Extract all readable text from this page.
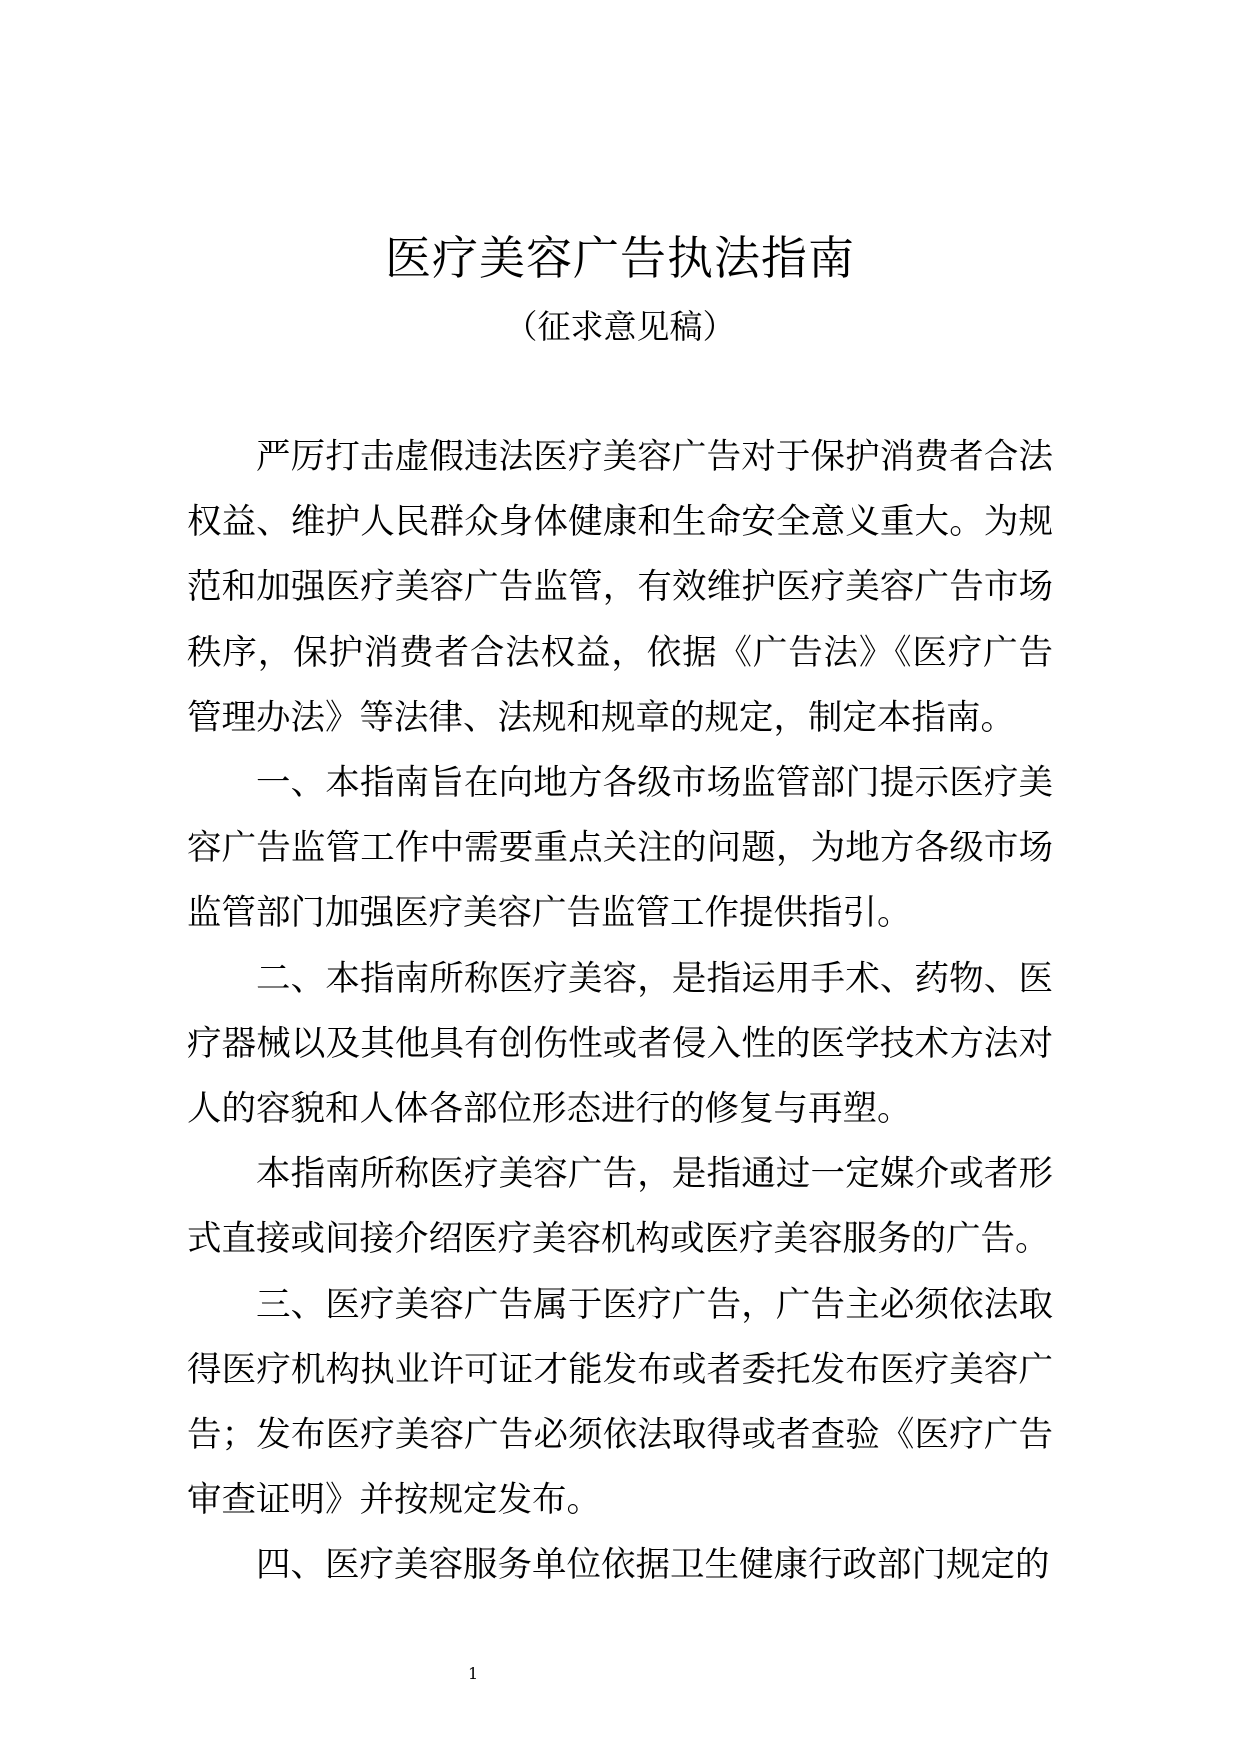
医疗美容广告执法指南
（征求意见稿）

严厉打击虚假违法医疗美容广告对于保护消费者合法权益、维护人民群众身体健康和生命安全意义重大。为规范和加强医疗美容广告监管，有效维护医疗美容广告市场秩序，保护消费者合法权益，依据《广告法》《医疗广告管理办法》等法律、法规和规章的规定，制定本指南。

一、本指南旨在向地方各级市场监管部门提示医疗美容广告监管工作中需要重点关注的问题，为地方各级市场监管部门加强医疗美容广告监管工作提供指引。

二、本指南所称医疗美容，是指运用手术、药物、医疗器械以及其他具有创伤性或者侵入性的医学技术方法对人的容貌和人体各部位形态进行的修复与再塑。

本指南所称医疗美容广告，是指通过一定媒介或者形式直接或间接介绍医疗美容机构或医疗美容服务的广告。

三、医疗美容广告属于医疗广告，广告主必须依法取得医疗机构执业许可证才能发布或者委托发布医疗美容广告；发布医疗美容广告必须依法取得或者查验《医疗广告审查证明》并按规定发布。

四、医疗美容服务单位依据卫生健康行政部门规定的

1
